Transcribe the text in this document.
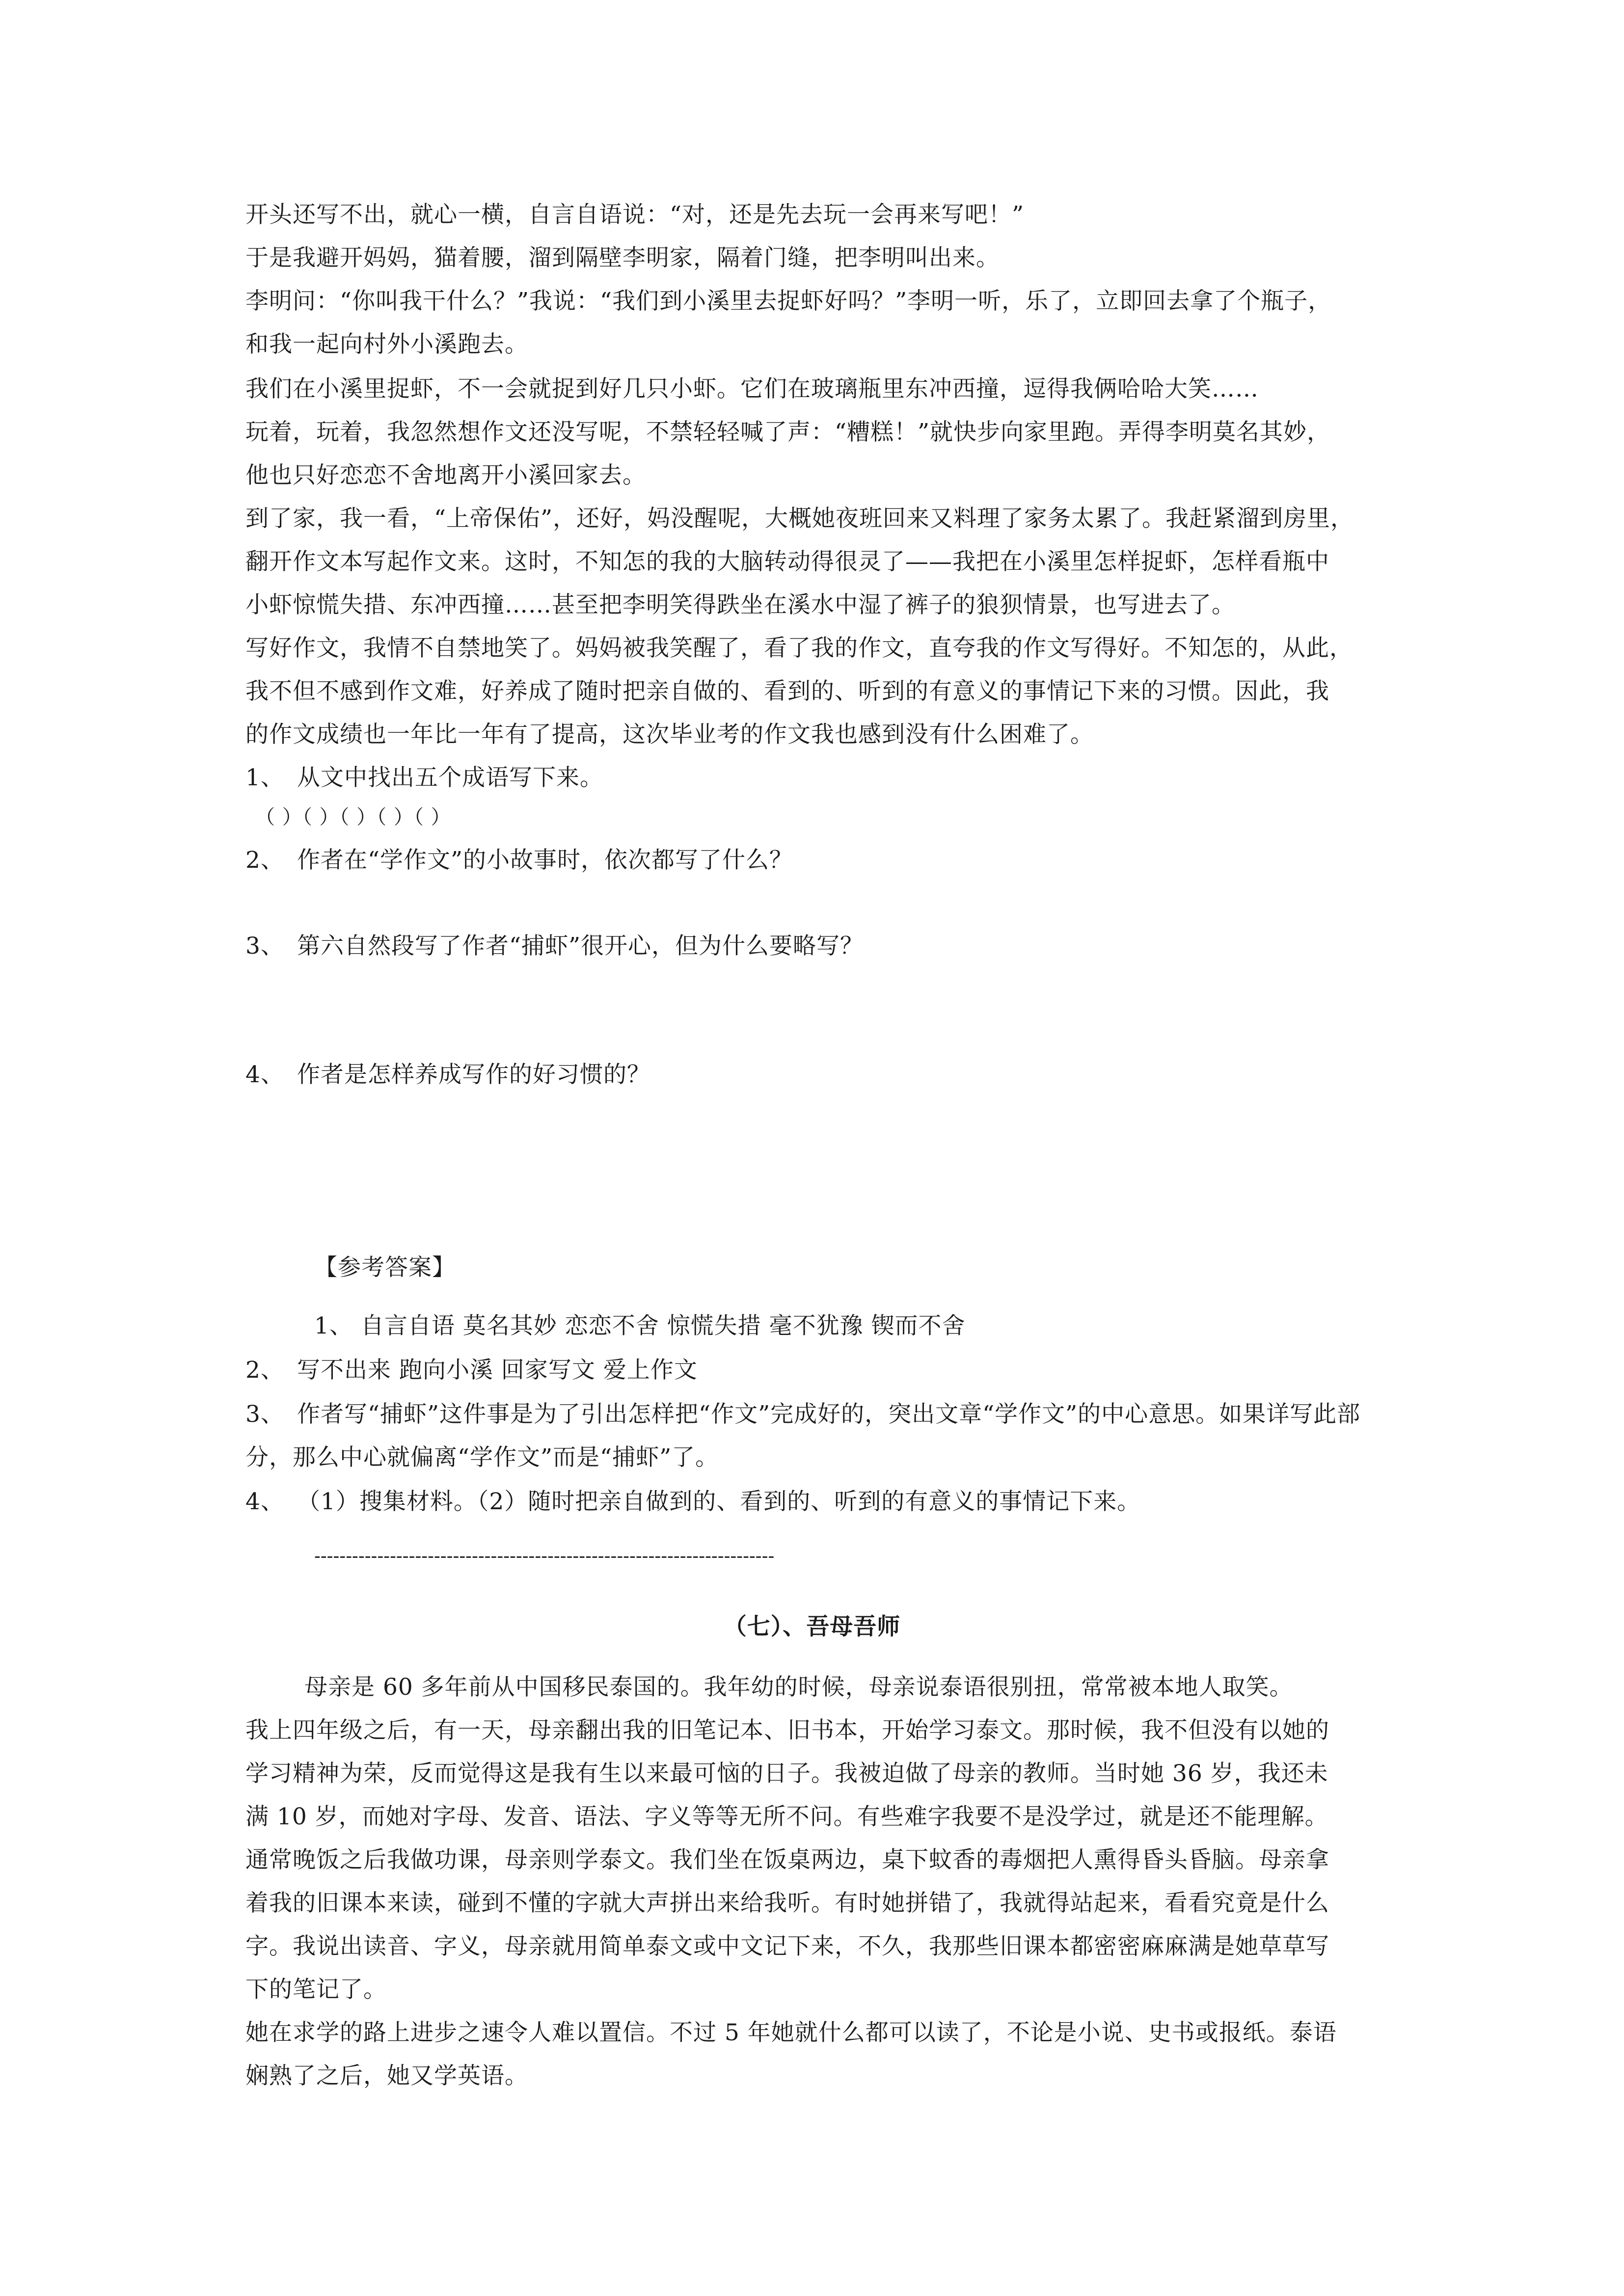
开头还写不出，就心一横，自言自语说：“对，还是先去玩一会再来写吧！”
于是我避开妈妈，猫着腰，溜到隔壁李明家，隔着门缝，把李明叫出来。
李明问：“你叫我干什么？”我说：“我们到小溪里去捉虾好吗？”李明一听，乐了，立即回去拿了个瓶子，
和我一起向村外小溪跑去。
我们在小溪里捉虾，不一会就捉到好几只小虾。它们在玻璃瓶里东冲西撞，逗得我俩哈哈大笑……
玩着，玩着，我忽然想作文还没写呢，不禁轻轻喊了声：“糟糕！”就快步向家里跑。弄得李明莫名其妙，
他也只好恋恋不舍地离开小溪回家去。
到了家，我一看，“上帝保佑”，还好，妈没醒呢，大概她夜班回来又料理了家务太累了。我赶紧溜到房里，
翻开作文本写起作文来。这时，不知怎的我的大脑转动得很灵了——我把在小溪里怎样捉虾，怎样看瓶中
小虾惊慌失措、东冲西撞……甚至把李明笑得跌坐在溪水中湿了裤子的狼狈情景，也写进去了。
写好作文，我情不自禁地笑了。妈妈被我笑醒了，看了我的作文，直夸我的作文写得好。不知怎的，从此，
我不但不感到作文难，好养成了随时把亲自做的、看到的、听到的有意义的事情记下来的习惯。因此，我
的作文成绩也一年比一年有了提高，这次毕业考的作文我也感到没有什么困难了。
1、 从文中找出五个成语写下来。
（ ）（ ）（ ）（ ）（ ）
2、 作者在“学作文”的小故事时，依次都写了什么？
3、 第六自然段写了作者“捕虾”很开心，但为什么要略写？
4、 作者是怎样养成写作的好习惯的？
【参考答案】
1、 自言自语 莫名其妙 恋恋不舍 惊慌失措 毫不犹豫 锲而不舍
2、 写不出来 跑向小溪 回家写文 爱上作文
3、 作者写“捕虾”这件事是为了引出怎样把“作文”完成好的，突出文章“学作文”的中心意思。如果详写此部
分，那么中心就偏离“学作文”而是“捕虾”了。
4、 （1）搜集材料。（2）随时把亲自做到的、看到的、听到的有意义的事情记下来。
-------------------------------------------------------------------------
（七）、吾母吾师
母亲是 60 多年前从中国移民泰国的。我年幼的时候，母亲说泰语很别扭，常常被本地人取笑。
我上四年级之后，有一天，母亲翻出我的旧笔记本、旧书本，开始学习泰文。那时候，我不但没有以她的
学习精神为荣，反而觉得这是我有生以来最可恼的日子。我被迫做了母亲的教师。当时她 36 岁，我还未
满 10 岁，而她对字母、发音、语法、字义等等无所不问。有些难字我要不是没学过，就是还不能理解。
通常晚饭之后我做功课，母亲则学泰文。我们坐在饭桌两边，桌下蚊香的毒烟把人熏得昏头昏脑。母亲拿
着我的旧课本来读，碰到不懂的字就大声拼出来给我听。有时她拼错了，我就得站起来，看看究竟是什么
字。我说出读音、字义，母亲就用简单泰文或中文记下来，不久，我那些旧课本都密密麻麻满是她草草写
下的笔记了。
她在求学的路上进步之速令人难以置信。不过 5 年她就什么都可以读了，不论是小说、史书或报纸。泰语
娴熟了之后，她又学英语。
